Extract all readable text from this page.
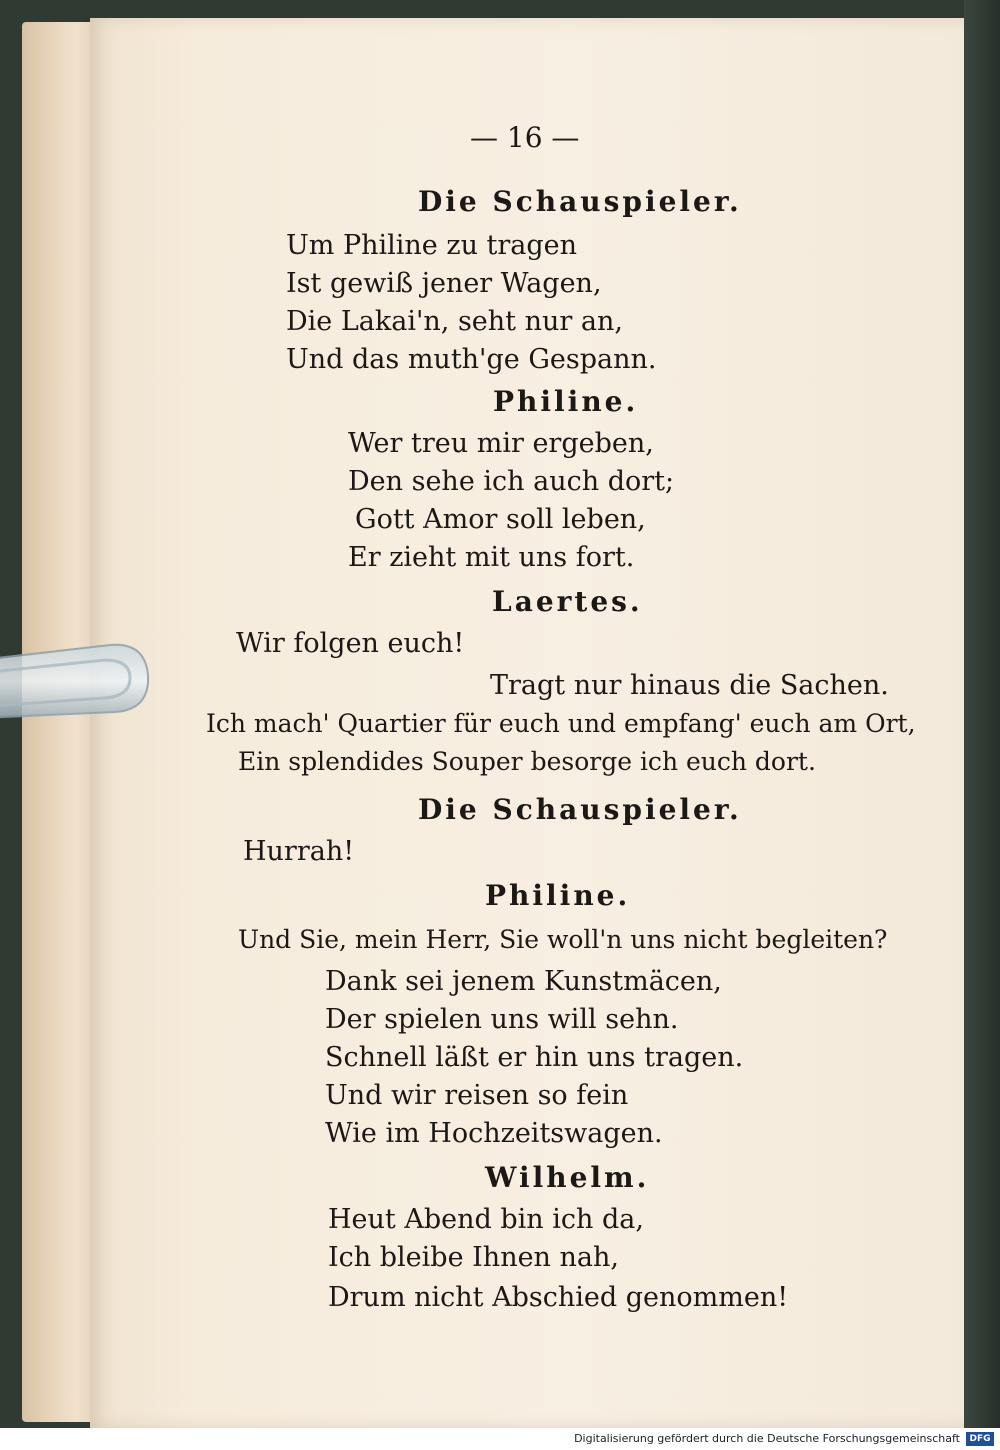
— 16 —
Die Schauspieler.
Um Philine zu tragen
Ist gewiß jener Wagen,
Die Lakai'n, seht nur an,
Und das muth'ge Gespann.
Philine.
Wer treu mir ergeben,
Den sehe ich auch dort;
Gott Amor soll leben,
Er zieht mit uns fort.
Laertes.
Wir folgen euch!
Tragt nur hinaus die Sachen.
Ich mach' Quartier für euch und empfang' euch am Ort,
Ein splendides Souper besorge ich euch dort.
Die Schauspieler.
Hurrah!
Philine.
Und Sie, mein Herr, Sie woll'n uns nicht begleiten?
Dank sei jenem Kunstmäcen,
Der spielen uns will sehn.
Schnell läßt er hin uns tragen.
Und wir reisen so fein
Wie im Hochzeitswagen.
Wilhelm.
Heut Abend bin ich da,
Ich bleibe Ihnen nah,
Drum nicht Abschied genommen!
Digitalisierung gefördert durch die Deutsche Forschungsgemeinschaft	DFG
